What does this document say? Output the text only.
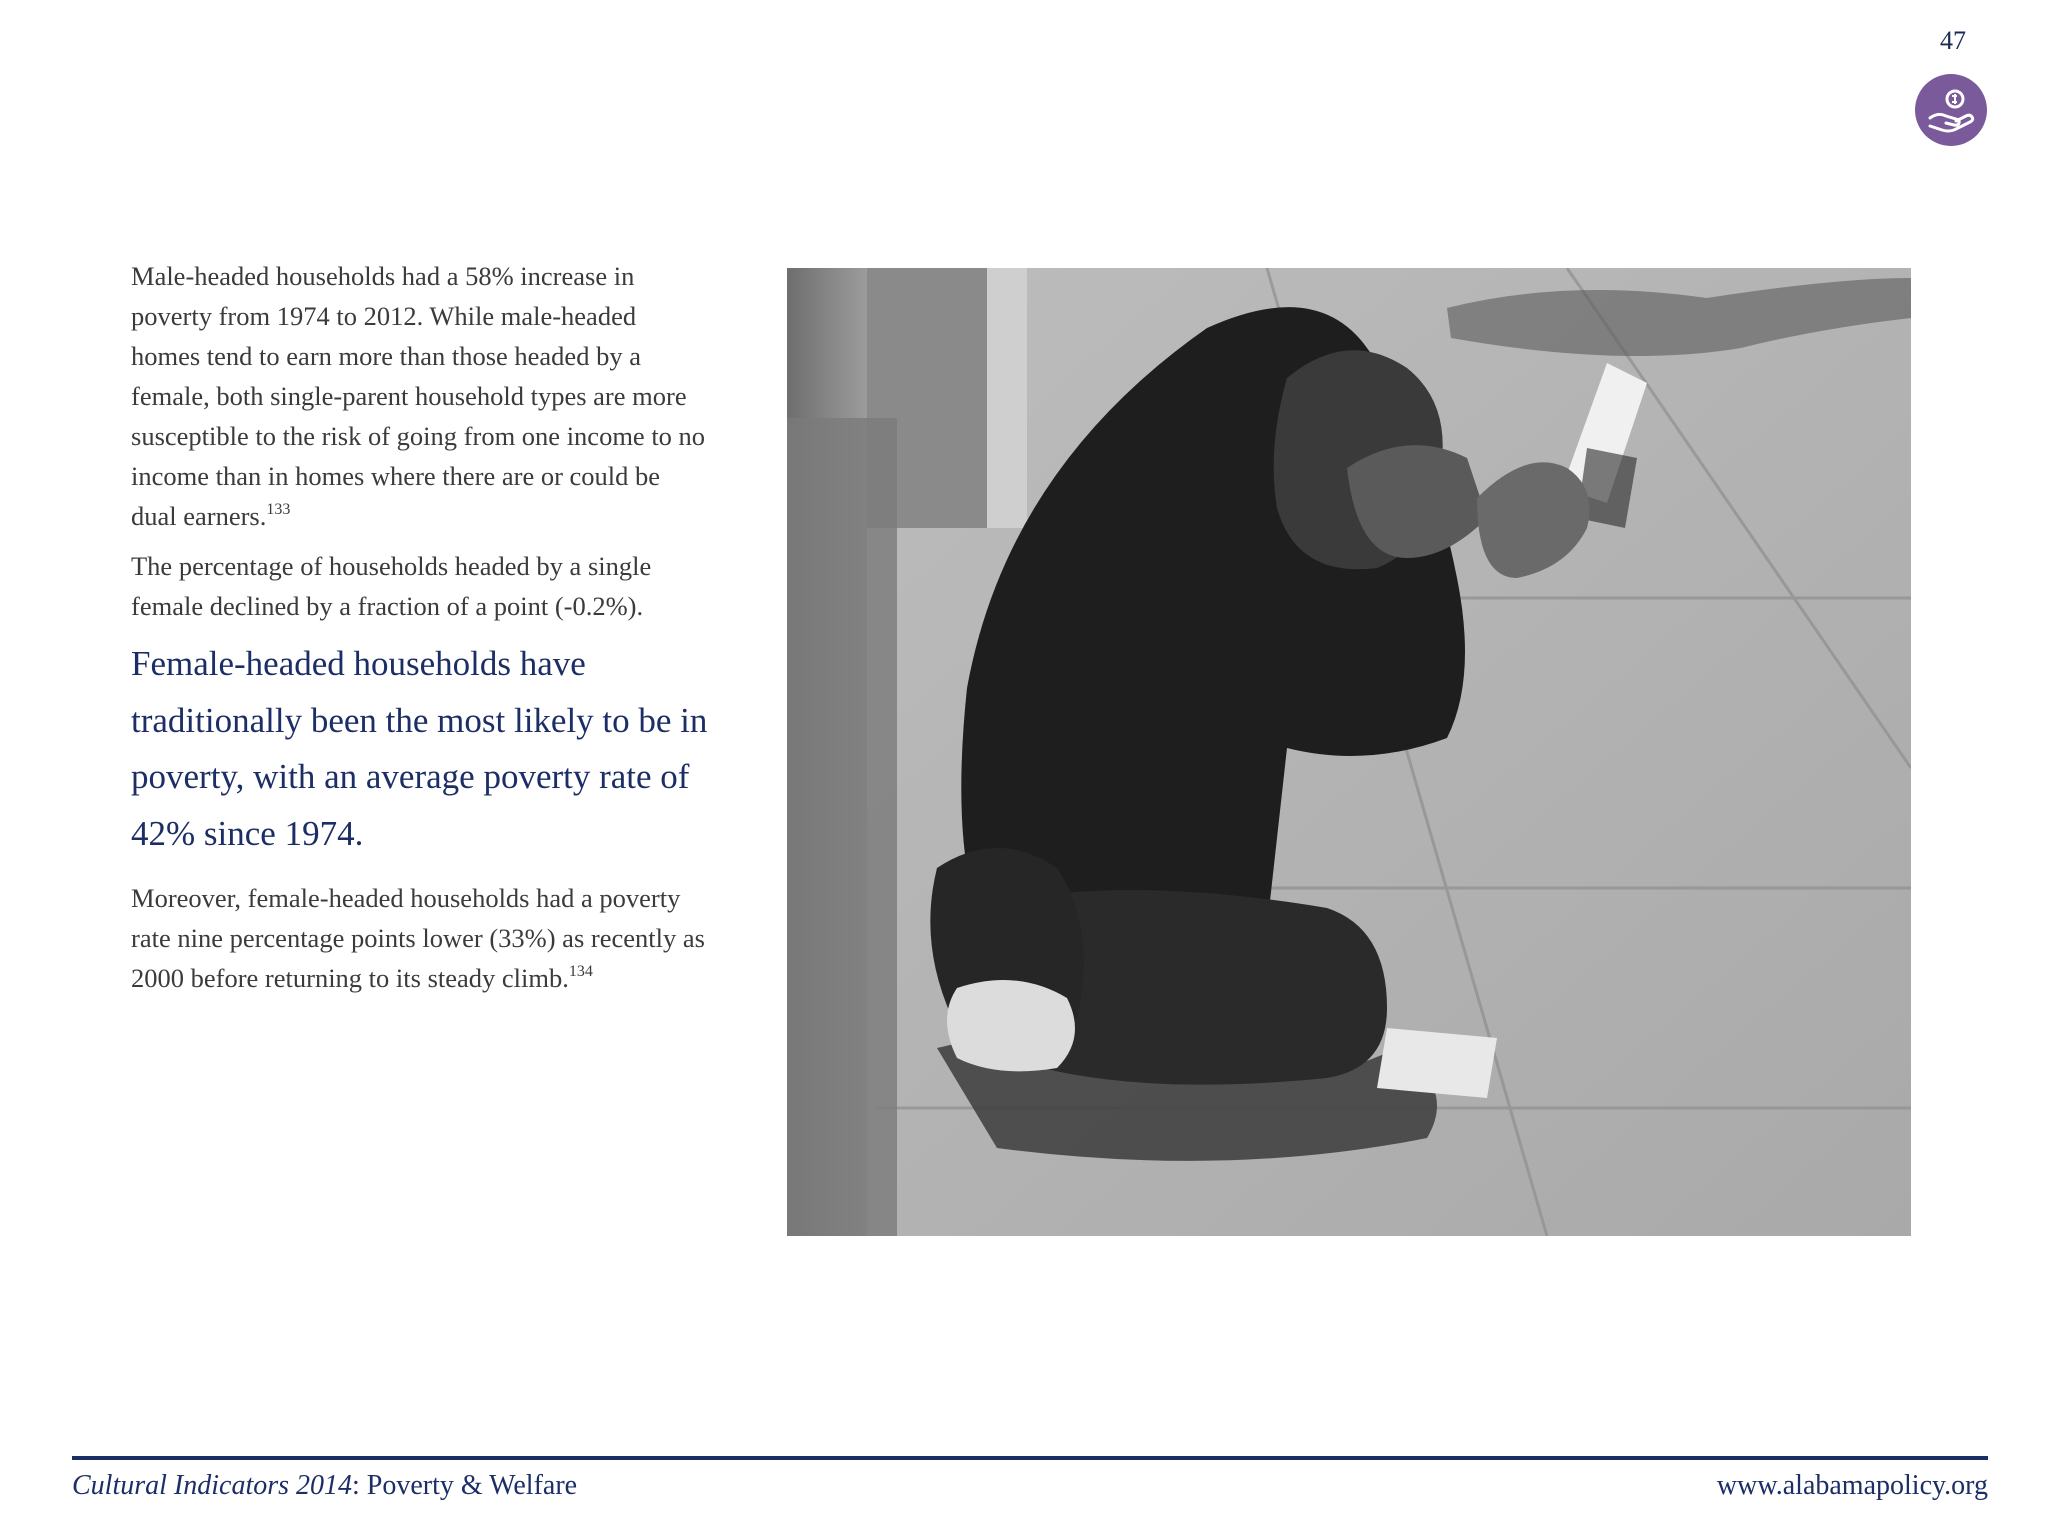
47

Male-headed households had a 58% increase in poverty from 1974 to 2012. While male-headed homes tend to earn more than those headed by a female, both single-parent household types are more susceptible to the risk of going from one income to no income than in homes where there are or could be dual earners.$^{133}$

The percentage of households headed by a single female declined by a fraction of a point (-0.2%).

Female-headed households have traditionally been the most likely to be in poverty, with an average poverty rate of 42% since 1974.

Moreover, female-headed households had a poverty rate nine percentage points lower (33%) as recently as 2000 before returning to its steady climb.$^{134}$

Cultural Indicators 2014: Poverty & Welfare	www.alabamapolicy.org
